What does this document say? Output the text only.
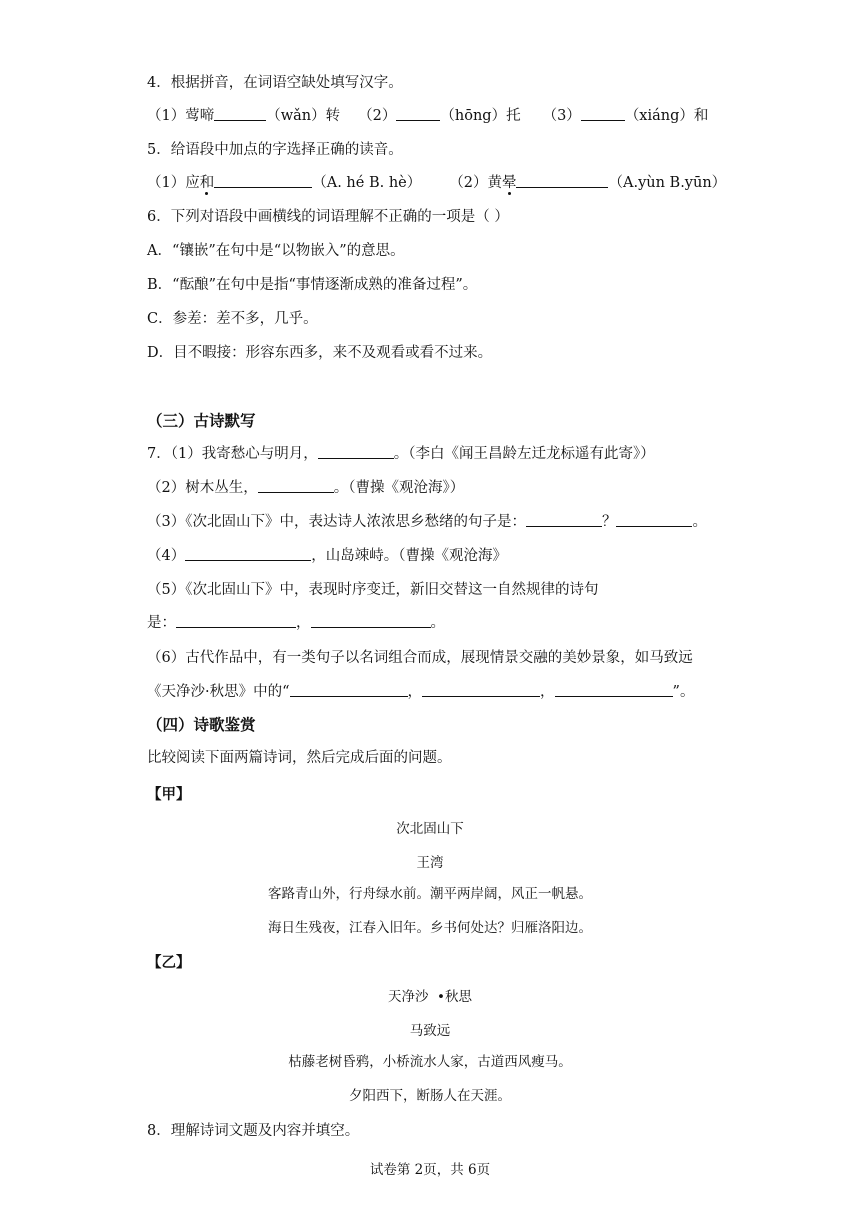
4．根据拼音，在词语空缺处填写汉字。
（1）莺啼	（wǎn）转 （2）	（hōng）托 （3）	（xiáng）和
5．给语段中加点的字选择正确的读音。
（1）应和	（A. hé B. hè） （2）黄晕	（A.yùn B.yūn）
6．下列对语段中画横线的词语理解不正确的一项是（ ）
A．“镶嵌”在句中是“以物嵌入”的意思。
B．“酝酿”在句中是指“事情逐渐成熟的准备过程”。
C．参差：差不多，几乎。
D．目不暇接：形容东西多，来不及观看或看不过来。
（三）古诗默写
7．（1）我寄愁心与明月，	。（李白《闻王昌龄左迁龙标遥有此寄》）
（2）树木丛生，	。（曹操《观沧海》）
（3）《次北固山下》中，表达诗人浓浓思乡愁绪的句子是：	？	。
（4）	，山岛竦峙。（曹操《观沧海》
（5）《次北固山下》中，表现时序变迁，新旧交替这一自然规律的诗句
是：	，	。
（6）古代作品中，有一类句子以名词组合而成，展现情景交融的美妙景象，如马致远
《天净沙·秋思》中的“	，	，	”。
（四）诗歌鉴赏
比较阅读下面两篇诗词，然后完成后面的问题。
【甲】
次北固山下
王湾
客路青山外，行舟绿水前。潮平两岸阔，风正一帆悬。
海日生残夜，江春入旧年。乡书何处达？归雁洛阳边。
【乙】
天净沙  •秋思
马致远
枯藤老树昏鸦，小桥流水人家，古道西风瘦马。
夕阳西下，断肠人在天涯。
8．理解诗词文题及内容并填空。
试卷第 2页，共 6页
